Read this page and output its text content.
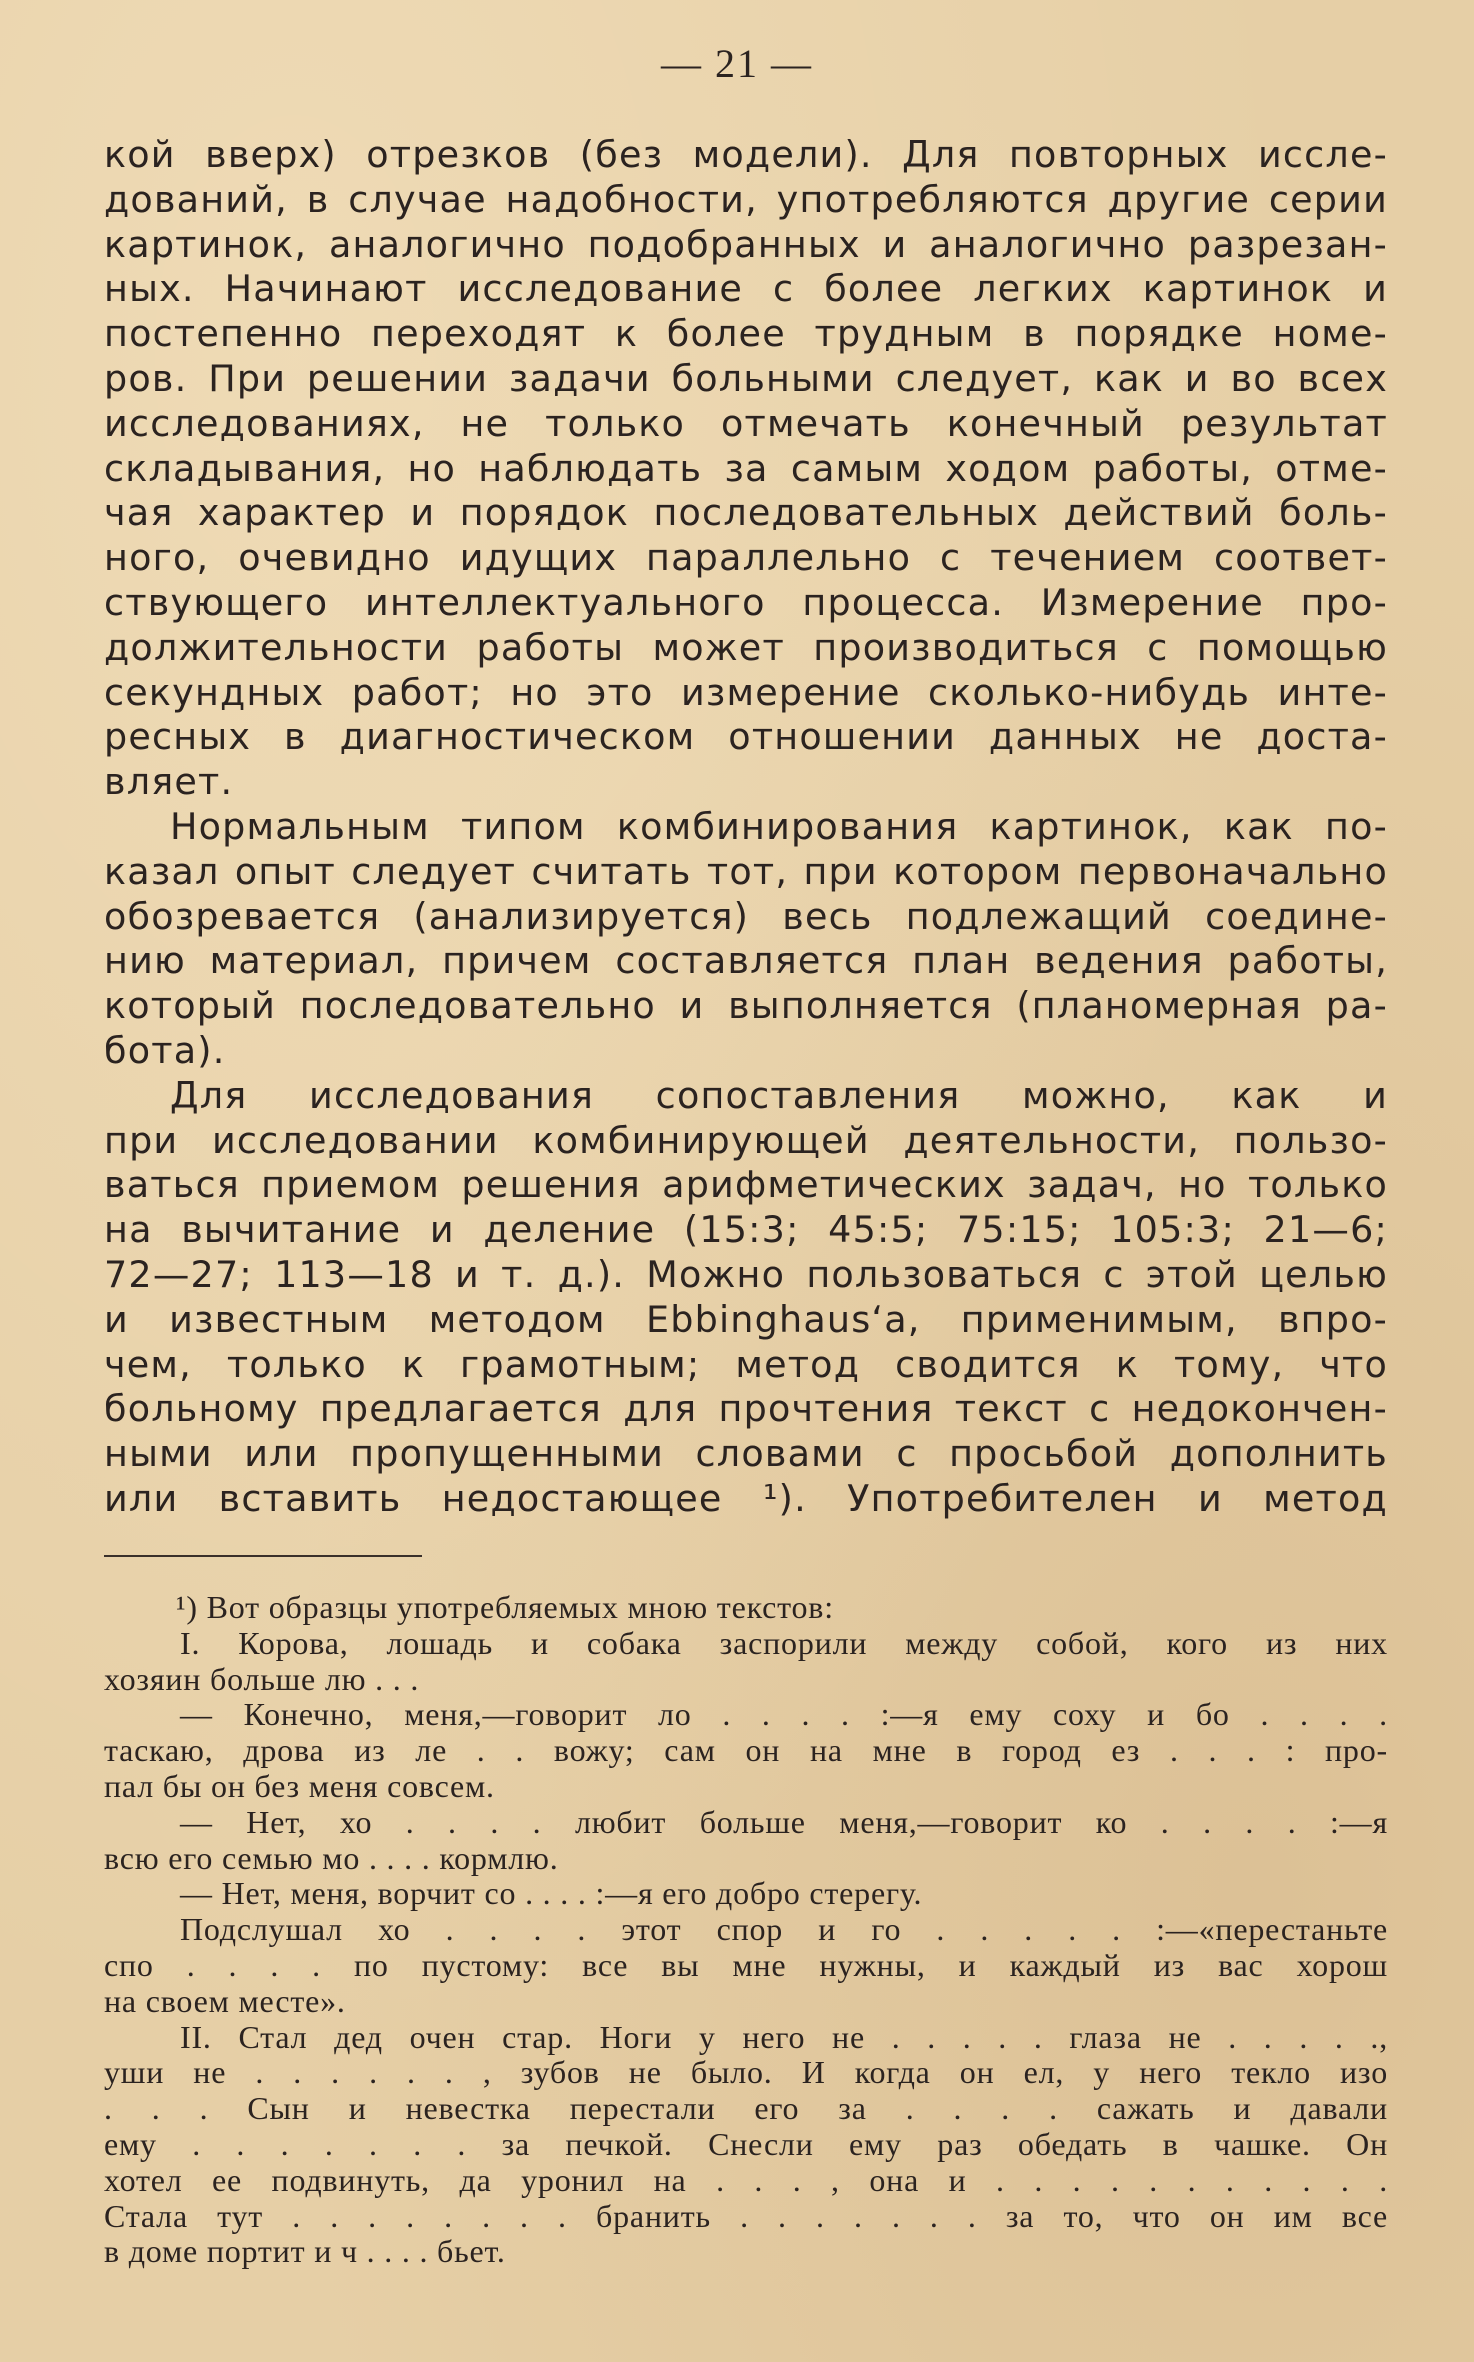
— 21 —
кой вверх) отрезков (без модели). Для повторных иссле-
дований, в случае надобности, употребляются другие серии
картинок, аналогично подобранных и аналогично разрезан-
ных. Начинают исследование с более легких картинок и
постепенно переходят к более трудным в порядке номе-
ров. При решении задачи больными следует, как и во всех
исследованиях, не только отмечать конечный результат
складывания, но наблюдать за самым ходом работы, отме-
чая характер и порядок последовательных действий боль-
ного, очевидно идущих параллельно с течением соответ-
ствующего интеллектуального процесса. Измерение про-
должительности работы может производиться с помощью
секундных работ; но это измерение сколько-нибудь инте-
ресных в диагностическом отношении данных не доста-
вляет.
Нормальным типом комбинирования картинок, как по-
казал опыт следует считать тот, при котором первоначально
обозревается (анализируется) весь подлежащий соедине-
нию материал, причем составляется план ведения работы,
который последовательно и выполняется (планомерная ра-
бота).
Для исследования сопоставления можно, как и
при исследовании комбинирующей деятельности, пользо-
ваться приемом решения арифметических задач, но только
на вычитание и деление (15:3; 45:5; 75:15; 105:3; 21—6;
72—27; 113—18 и т. д.). Можно пользоваться с этой целью
и известным методом Ebbinghaus‘a, применимым, впро-
чем, только к грамотным; метод сводится к тому, что
больному предлагается для прочтения текст с недокончен-
ными или пропущенными словами с просьбой дополнить
или вставить недостающее ¹). Употребителен и метод
¹) Вот образцы употребляемых мною текстов:
I. Корова, лошадь и собака заспорили между собой, кого из них
хозяин больше лю . . .
— Конечно, меня,—говорит ло . . . . :—я ему соху и бо . . . .
таскаю, дрова из ле . . вожу; сам он на мне в город ез . . . : про-
пал бы он без меня совсем.
— Нет, хо . . . . любит больше меня,—говорит ко . . . . :—я
всю его семью мо . . . . кормлю.
— Нет, меня, ворчит со . . . . :—я его добро стерегу.
Подслушал хо . . . . этот спор и го . . . . . :—«перестаньте
спо . . . . по пустому: все вы мне нужны, и каждый из вас хорош
на своем месте».
II. Стал дед очен стар. Ноги у него не . . . . . глаза не . . . . .,
уши не . . . . . . , зубов не было. И когда он ел, у него текло изо
. . . Сын и невестка перестали его за . . . . сажать и давали
ему . . . . . . . за печкой. Снесли ему раз обедать в чашке. Он
хотел ее подвинуть, да уронил на . . . , она и . . . . . . . . . . .
Стала тут . . . . . . . . бранить . . . . . . . за то, что он им все
в доме портит и ч . . . . бьет.
